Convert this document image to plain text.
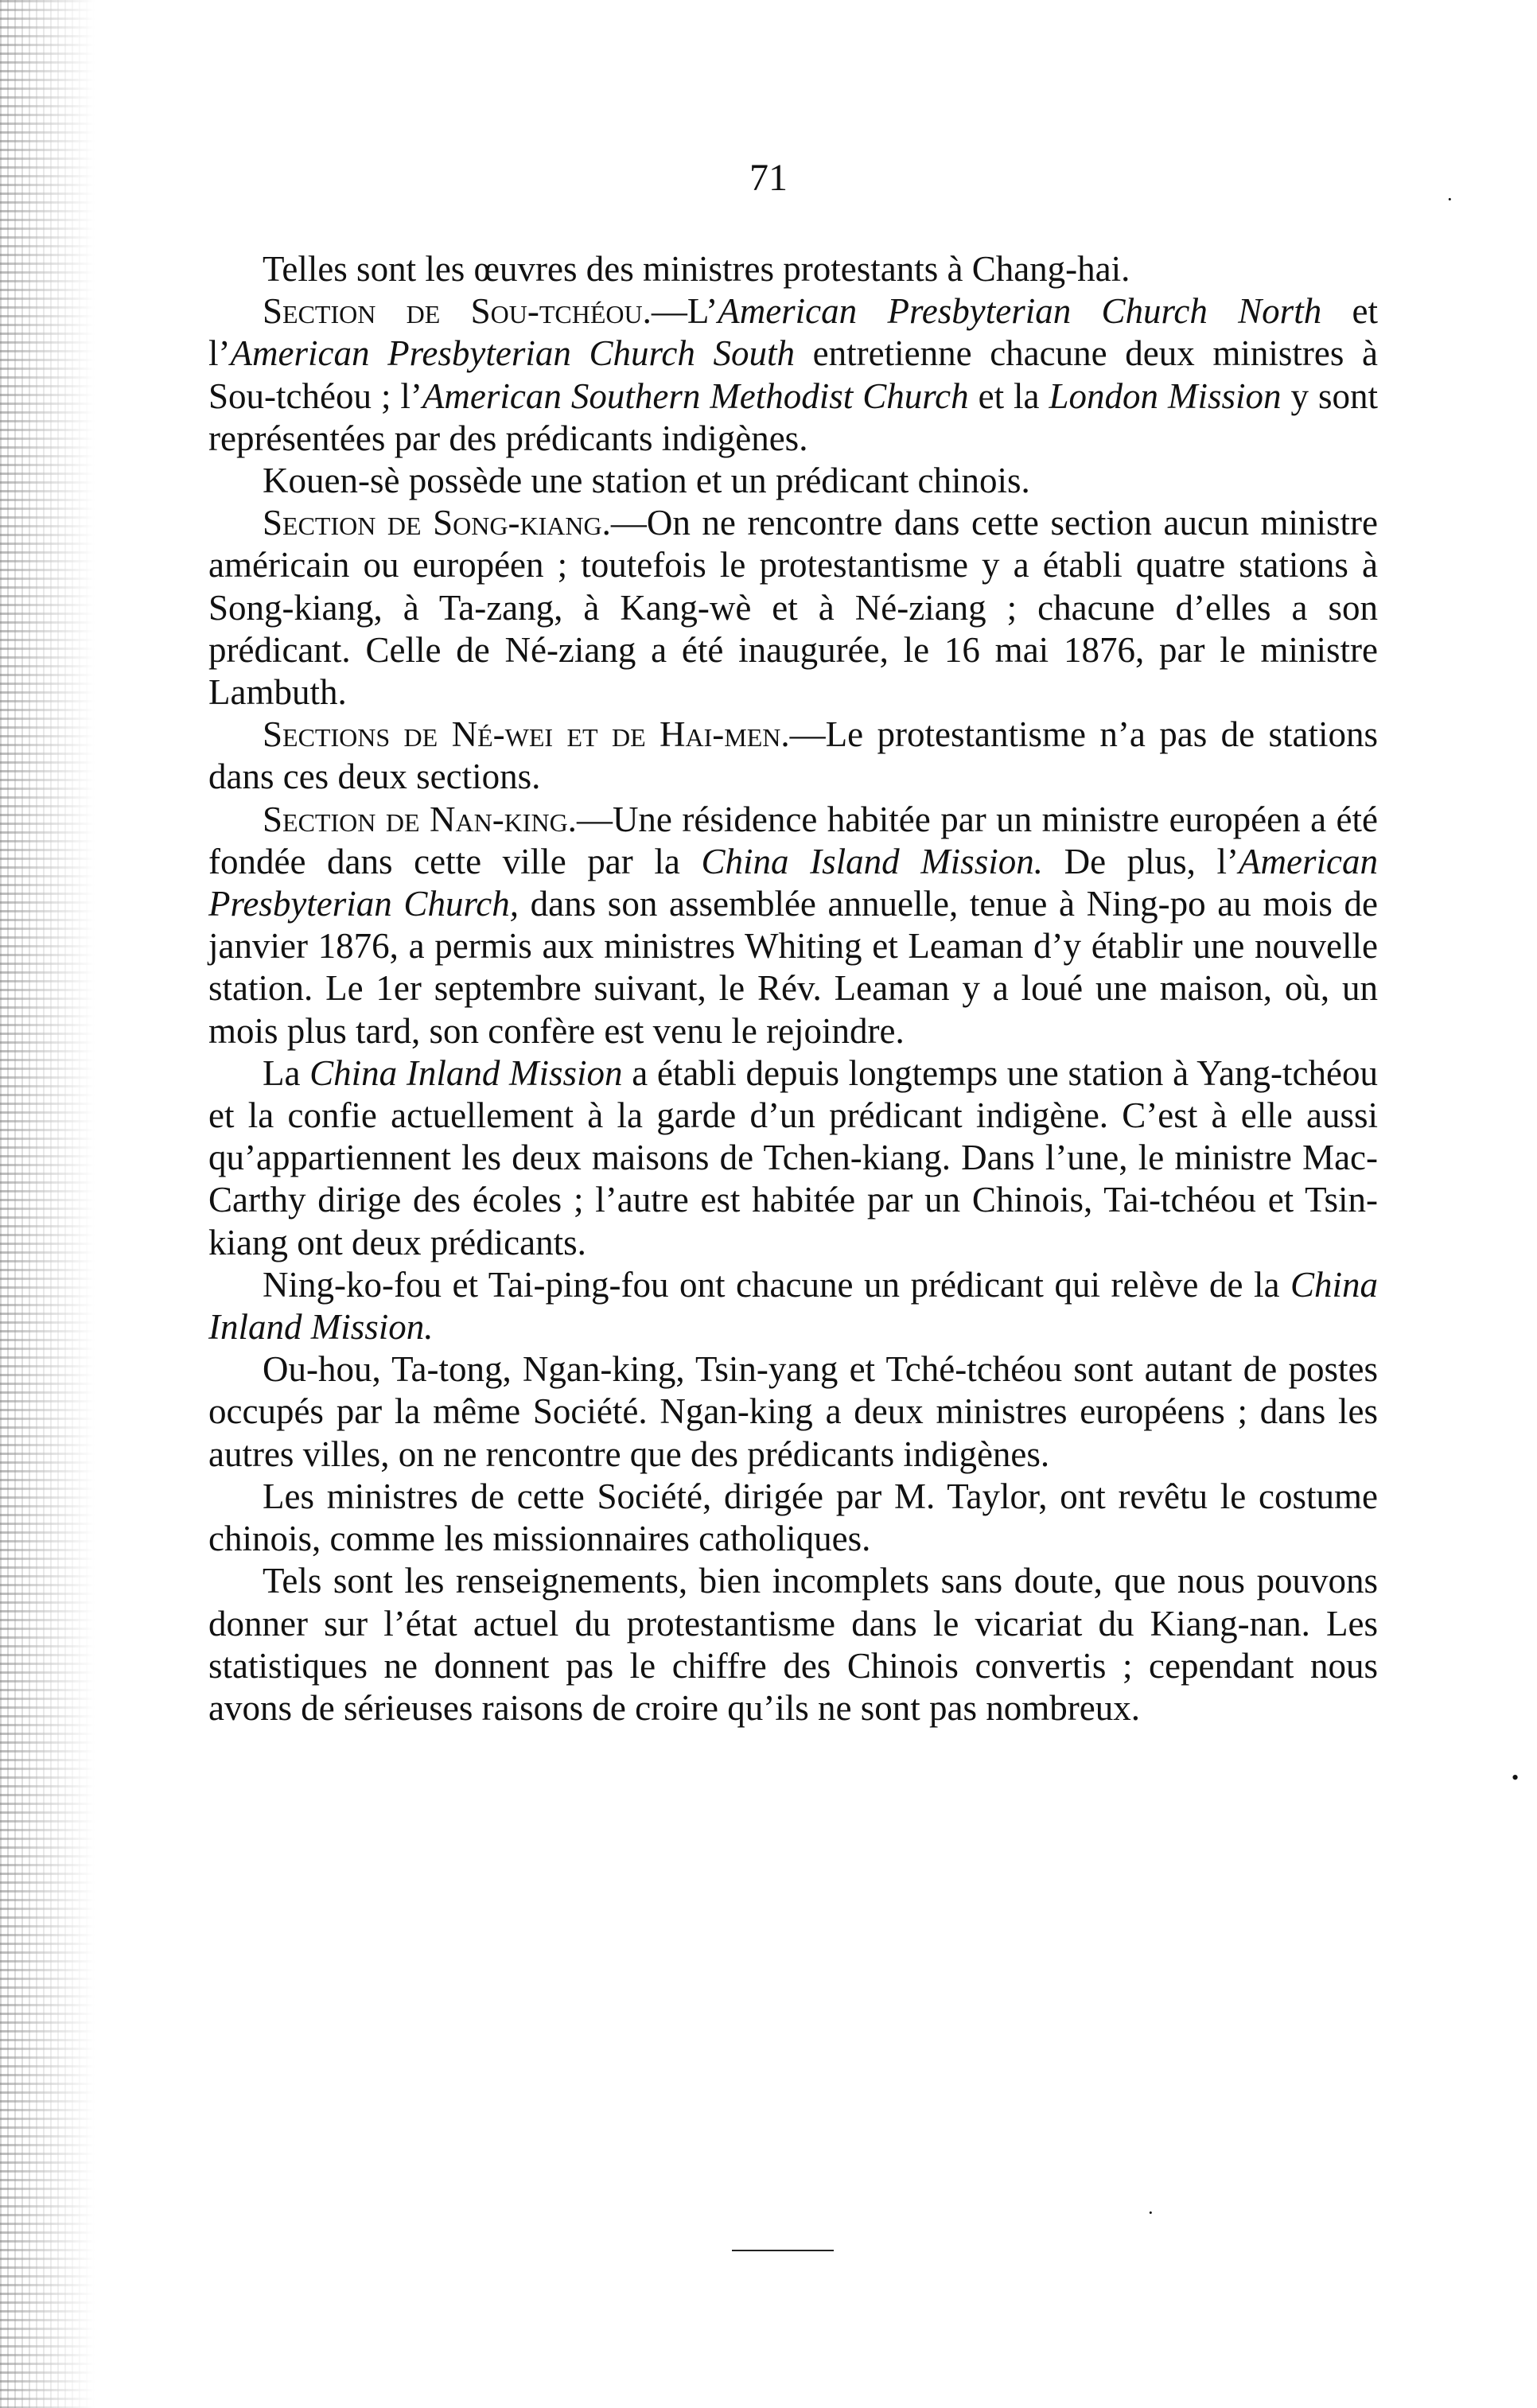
71

Telles sont les œuvres des ministres protestants à Chang-hai.

Section de Sou-tchéou.—L’American Presbyterian Church North et l’American Presbyterian Church South entretienne chacune deux ministres à Sou-tchéou ; l’American Southern Methodist Church et la London Mission y sont représentées par des prédicants indigènes.

Kouen-sè possède une station et un prédicant chinois.

Section de Song-kiang.—On ne rencontre dans cette section aucun ministre américain ou européen ; toutefois le protestantisme y a établi quatre stations à Song-kiang, à Ta-zang, à Kang-wè et à Né-ziang ; chacune d’elles a son prédicant. Celle de Né-ziang a été inaugurée, le 16 mai 1876, par le ministre Lambuth.

Sections de Né-wei et de Hai-men.—Le protestantisme n’a pas de stations dans ces deux sections.

Section de Nan-king.—Une résidence habitée par un ministre européen a été fondée dans cette ville par la China Island Mission. De plus, l’American Presbyterian Church, dans son assemblée annuelle, tenue à Ning-po au mois de janvier 1876, a permis aux ministres Whiting et Leaman d’y établir une nouvelle station. Le 1er septembre suivant, le Rév. Leaman y a loué une maison, où, un mois plus tard, son confère est venu le rejoindre.

La China Inland Mission a établi depuis longtemps une station à Yang-tchéou et la confie actuellement à la garde d’un prédicant indigène. C’est à elle aussi qu’appartiennent les deux maisons de Tchen-kiang. Dans l’une, le ministre Mac-Carthy dirige des écoles ; l’autre est habitée par un Chinois, Tai-tchéou et Tsin-kiang ont deux prédicants.

Ning-ko-fou et Tai-ping-fou ont chacune un prédicant qui relève de la China Inland Mission.

Ou-hou, Ta-tong, Ngan-king, Tsin-yang et Tché-tchéou sont autant de postes occupés par la même Société. Ngan-king a deux ministres européens ; dans les autres villes, on ne rencontre que des prédicants indigènes.

Les ministres de cette Société, dirigée par M. Taylor, ont revêtu le costume chinois, comme les missionnaires catholiques.

Tels sont les renseignements, bien incomplets sans doute, que nous pouvons donner sur l’état actuel du protestantisme dans le vicariat du Kiang-nan. Les statistiques ne donnent pas le chiffre des Chinois convertis ; cependant nous avons de sérieuses raisons de croire qu’ils ne sont pas nombreux.

·
•
·
